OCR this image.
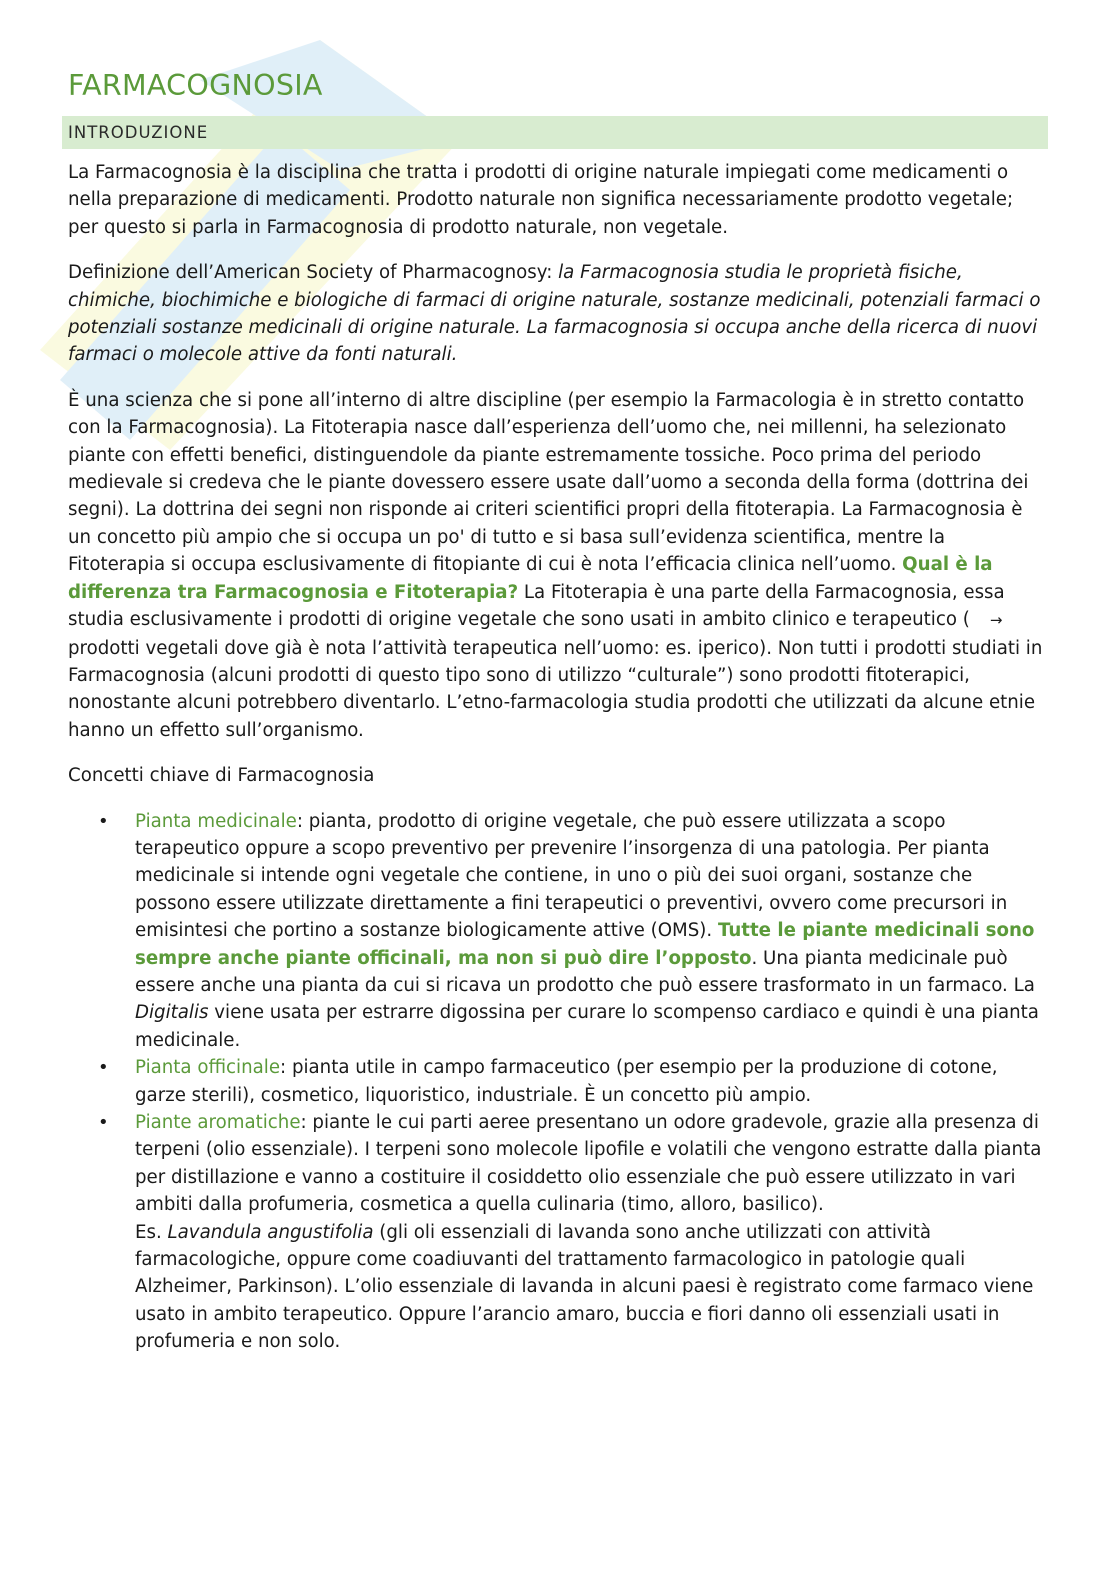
FARMACOGNOSIA
INTRODUZIONE

La Farmacognosia è la disciplina che tratta i prodotti di origine naturale impiegati come medicamenti o nella preparazione di medicamenti. Prodotto naturale non significa necessariamente prodotto vegetale; per questo si parla in Farmacognosia di prodotto naturale, non vegetale.

Definizione dell’American Society of Pharmacognosy: la Farmacognosia studia le proprietà fisiche, chimiche, biochimiche e biologiche di farmaci di origine naturale, sostanze medicinali, potenziali farmaci o potenziali sostanze medicinali di origine naturale. La farmacognosia si occupa anche della ricerca di nuovi farmaci o molecole attive da fonti naturali.

È una scienza che si pone all’interno di altre discipline (per esempio la Farmacologia è in stretto contatto con la Farmacognosia). La Fitoterapia nasce dall’esperienza dell’uomo che, nei millenni, ha selezionato piante con effetti benefici, distinguendole da piante estremamente tossiche. Poco prima del periodo medievale si credeva che le piante dovessero essere usate dall’uomo a seconda della forma (dottrina dei segni). La dottrina dei segni non risponde ai criteri scientifici propri della fitoterapia. La Farmacognosia è un concetto più ampio che si occupa un po' di tutto e si basa sull’evidenza scientifica, mentre la Fitoterapia si occupa esclusivamente di fitopiante di cui è nota l’efficacia clinica nell’uomo. Qual è la differenza tra Farmacognosia e Fitoterapia? La Fitoterapia è una parte della Farmacognosia, essa studia esclusivamente i prodotti di origine vegetale che sono usati in ambito clinico e terapeutico ( →prodotti vegetali dove già è nota l’attività terapeutica nell’uomo: es. iperico). Non tutti i prodotti studiati in Farmacognosia (alcuni prodotti di questo tipo sono di utilizzo “culturale”) sono prodotti fitoterapici, nonostante alcuni potrebbero diventarlo. L’etno-farmacologia studia prodotti che utilizzati da alcune etnie hanno un effetto sull’organismo.

Concetti chiave di Farmacognosia

• Pianta medicinale: pianta, prodotto di origine vegetale, che può essere utilizzata a scopo terapeutico oppure a scopo preventivo per prevenire l’insorgenza di una patologia. Per pianta medicinale si intende ogni vegetale che contiene, in uno o più dei suoi organi, sostanze che possono essere utilizzate direttamente a fini terapeutici o preventivi, ovvero come precursori in emisintesi che portino a sostanze biologicamente attive (OMS). Tutte le piante medicinali sono sempre anche piante officinali, ma non si può dire l’opposto. Una pianta medicinale può essere anche una pianta da cui si ricava un prodotto che può essere trasformato in un farmaco. La Digitalis viene usata per estrarre digossina per curare lo scompenso cardiaco e quindi è una pianta medicinale.
• Pianta officinale: pianta utile in campo farmaceutico (per esempio per la produzione di cotone, garze sterili), cosmetico, liquoristico, industriale. È un concetto più ampio.
• Piante aromatiche: piante le cui parti aeree presentano un odore gradevole, grazie alla presenza di terpeni (olio essenziale). I terpeni sono molecole lipofile e volatili che vengono estratte dalla pianta per distillazione e vanno a costituire il cosiddetto olio essenziale che può essere utilizzato in vari ambiti dalla profumeria, cosmetica a quella culinaria (timo, alloro, basilico).
Es. Lavandula angustifolia (gli oli essenziali di lavanda sono anche utilizzati con attività farmacologiche, oppure come coadiuvanti del trattamento farmacologico in patologie quali Alzheimer, Parkinson). L’olio essenziale di lavanda in alcuni paesi è registrato come farmaco viene usato in ambito terapeutico. Oppure l’arancio amaro, buccia e fiori danno oli essenziali usati in profumeria e non solo.
